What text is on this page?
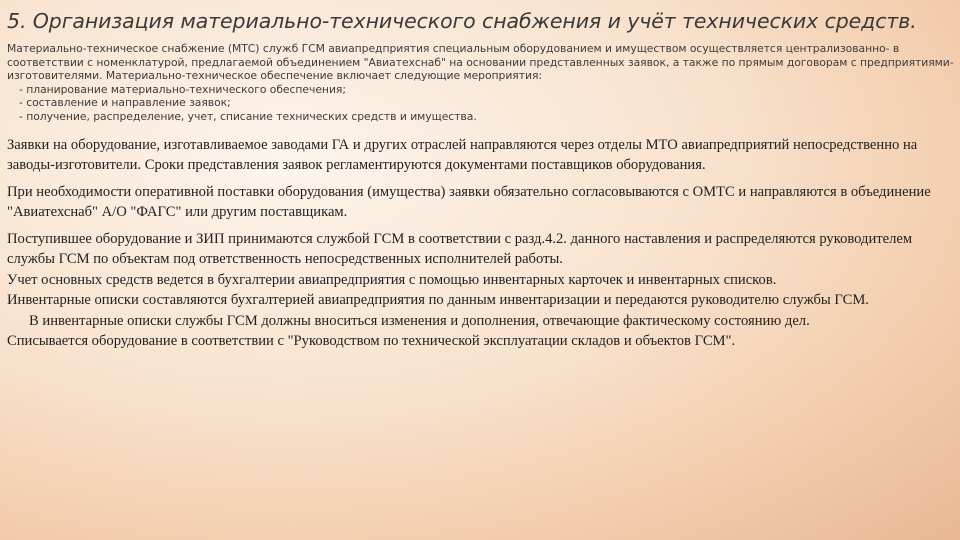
5. Организация материально-технического снабжения и учёт технических средств.

Материально-техническое снабжение (МТС) служб ГСМ авиапредприятия специальным оборудованием и имуществом осуществляется централизованно- в соответствии с номенклатурой, предлагаемой объединением "Авиатехснаб" на основании представленных заявок, а также по прямым договорам с предприятиями-изготовителями. Материально-техническое обеспечение включает следующие мероприятия:

- планирование материально-технического обеспечения;
- составление и направление заявок;
- получение, распределение, учет, списание технических средств и имущества.

Заявки на оборудование, изготавливаемое заводами ГА и других отраслей направляются через отделы МТО авиапредприятий непосредственно на заводы-изготовители. Сроки представления заявок регламентируются документами поставщиков оборудования.

При необходимости оперативной поставки оборудования (имущества) заявки обязательно согласовываются с ОМТС и направляются в объединение "Авиатехснаб" А/О "ФАГС" или другим поставщикам.

Поступившее оборудование и ЗИП принимаются службой ГСМ в соответствии с разд.4.2. данного наставления и распределяются руководителем службы ГСМ по объектам под ответственность непосредственных исполнителей работы.
Учет основных средств ведется в бухгалтерии авиапредприятия с помощью инвентарных карточек и инвентарных списков.
Инвентарные описки составляются бухгалтерией авиапредприятия по данным инвентаризации и передаются руководителю службы ГСМ.
В инвентарные описки службы ГСМ должны вноситься изменения и дополнения, отвечающие фактическому состоянию дел.
Списывается оборудование в соответствии с "Руководством по технической эксплуатации складов и объектов ГСМ".
